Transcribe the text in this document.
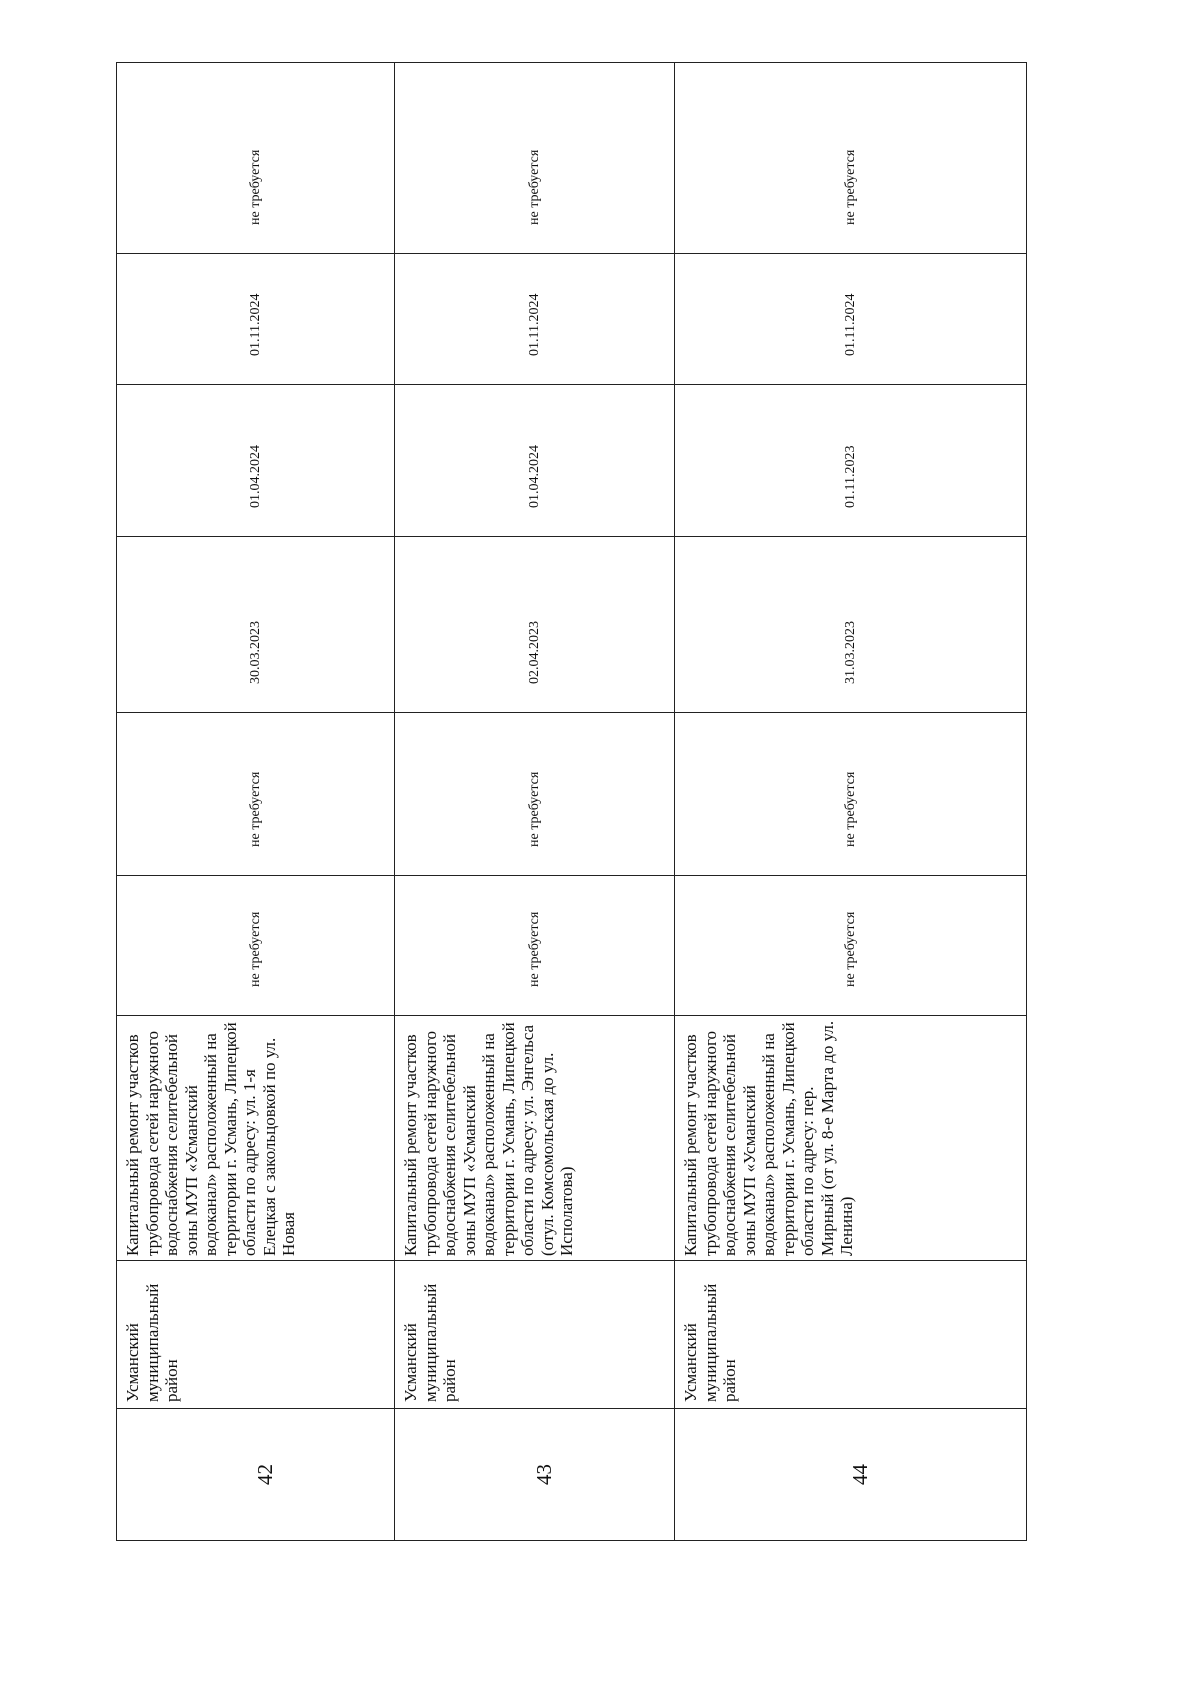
42	Усманский муниципальный район	Капитальный ремонт участков трубопровода сетей наружного водоснабжения селитебельной зоны МУП «Усманский водоканал» расположенный на территории г. Усмань, Липецкой области по адресу: ул. 1-я Елецкая с закольцовкой по ул. Новая	не требуется	не требуется	30.03.2023	01.04.2024	01.11.2024	не требуется
43	Усманский муниципальный район	Капитальный ремонт участков трубопровода сетей наружного водоснабжения селитебельной зоны МУП «Усманский водоканал» расположенный на территории г. Усмань, Липецкой области по адресу: ул. Энгельса (отул. Комсомольская до ул. Исполатова)	не требуется	не требуется	02.04.2023	01.04.2024	01.11.2024	не требуется
44	Усманский муниципальный район	Капитальный ремонт участков трубопровода сетей наружного водоснабжения селитебельной зоны МУП «Усманский водоканал» расположенный на территории г. Усмань, Липецкой области по адресу: пер. Мирный (от ул. 8-е Марта до ул. Ленина)	не требуется	не требуется	31.03.2023	01.11.2023	01.11.2024	не требуется
